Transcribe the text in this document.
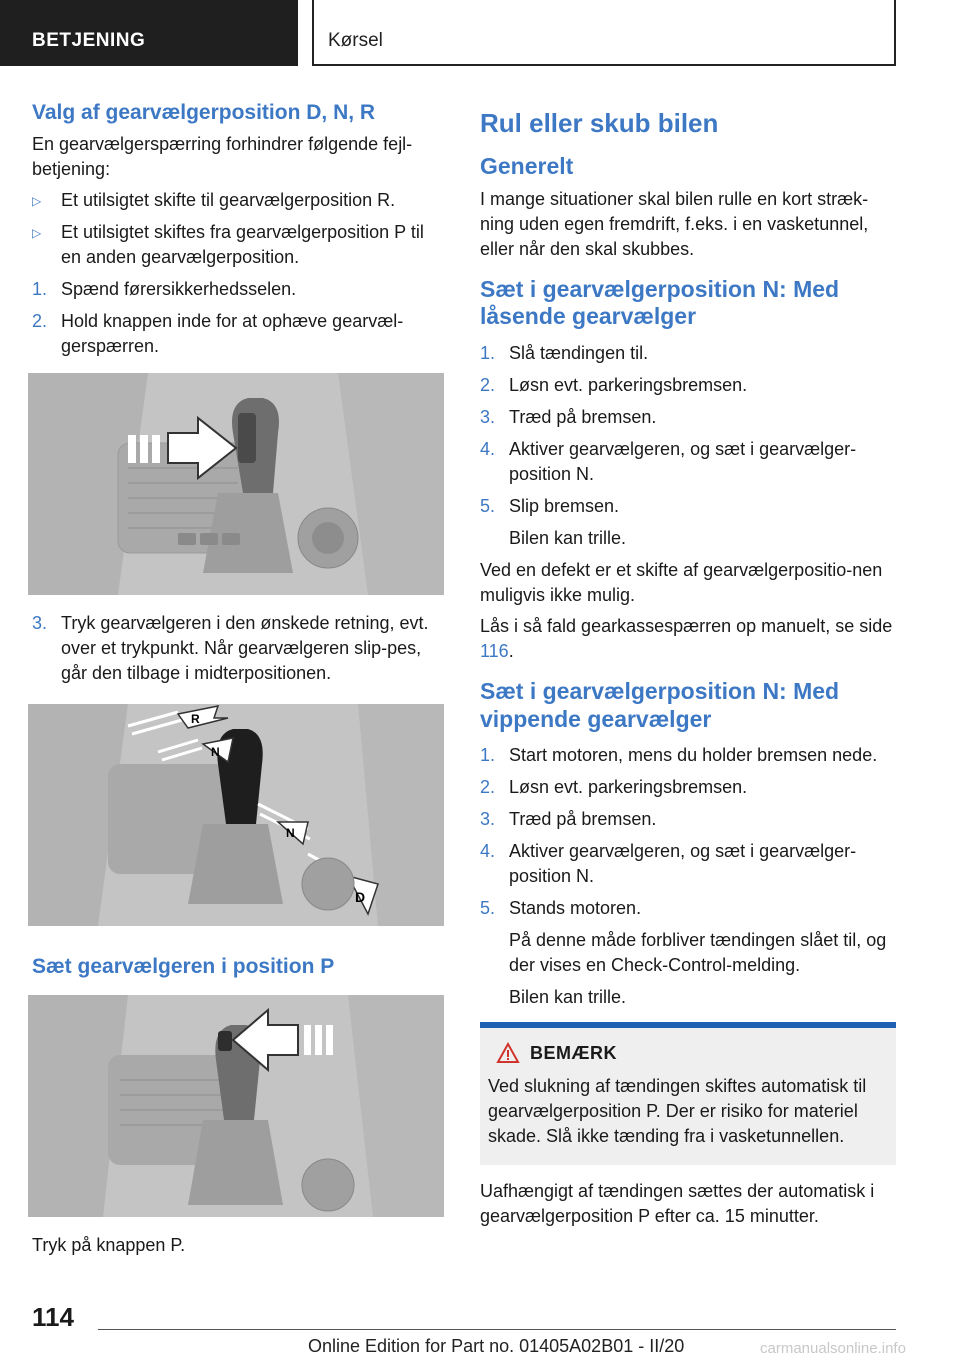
BETJENING	Kørsel
Valg af gearvælgerposition D, N, R

En gearvælgerspærring forhindrer følgende fejl-betjening:

▷ Et utilsigtet skifte til gearvælgerposition R.
▷ Et utilsigtet skiftes fra gearvælgerposition P til en anden gearvælgerposition.
1. Spænd førersikkerhedsselen.
2. Hold knappen inde for at ophæve gearvæl-gerspærren.
3. Tryk gearvælgeren i den ønskede retning, evt. over et trykpunkt. Når gearvælgeren slip-pes, går den tilbage i midterpositionen.
R
N
N
D
Sæt gearvælgeren i position P

Tryk på knappen P.

Rul eller skub bilen
Generelt

I mange situationer skal bilen rulle en kort stræk-ning uden egen fremdrift, f.eks. i en vasketunnel, eller når den skal skubbes.

Sæt i gearvælgerposition N: Med låsende gearvælger
1. Slå tændingen til.
2. Løsn evt. parkeringsbremsen.
3. Træd på bremsen.
4. Aktiver gearvælgeren, og sæt i gearvælger-position N.
5. Slip bremsen.
Bilen kan trille.

Ved en defekt er et skifte af gearvælgerpositio-nen muligvis ikke mulig.

Lås i så fald gearkassespærren op manuelt, se side 116.

Sæt i gearvælgerposition N: Med vippende gearvælger
1. Start motoren, mens du holder bremsen nede.
2. Løsn evt. parkeringsbremsen.
3. Træd på bremsen.
4. Aktiver gearvælgeren, og sæt i gearvælger-position N.
5. Stands motoren.
På denne måde forbliver tændingen slået til, og der vises en Check-Control-melding.
Bilen kan trille.
BEMÆRK

Ved slukning af tændingen skiftes automatisk til gearvælgerposition P. Der er risiko for materiel skade. Slå ikke tænding fra i vasketunnellen.

Uafhængigt af tændingen sættes der automatisk i gearvælgerposition P efter ca. 15 minutter.

114
Online Edition for Part no. 01405A02B01 - II/20	carmanualsonline.info
